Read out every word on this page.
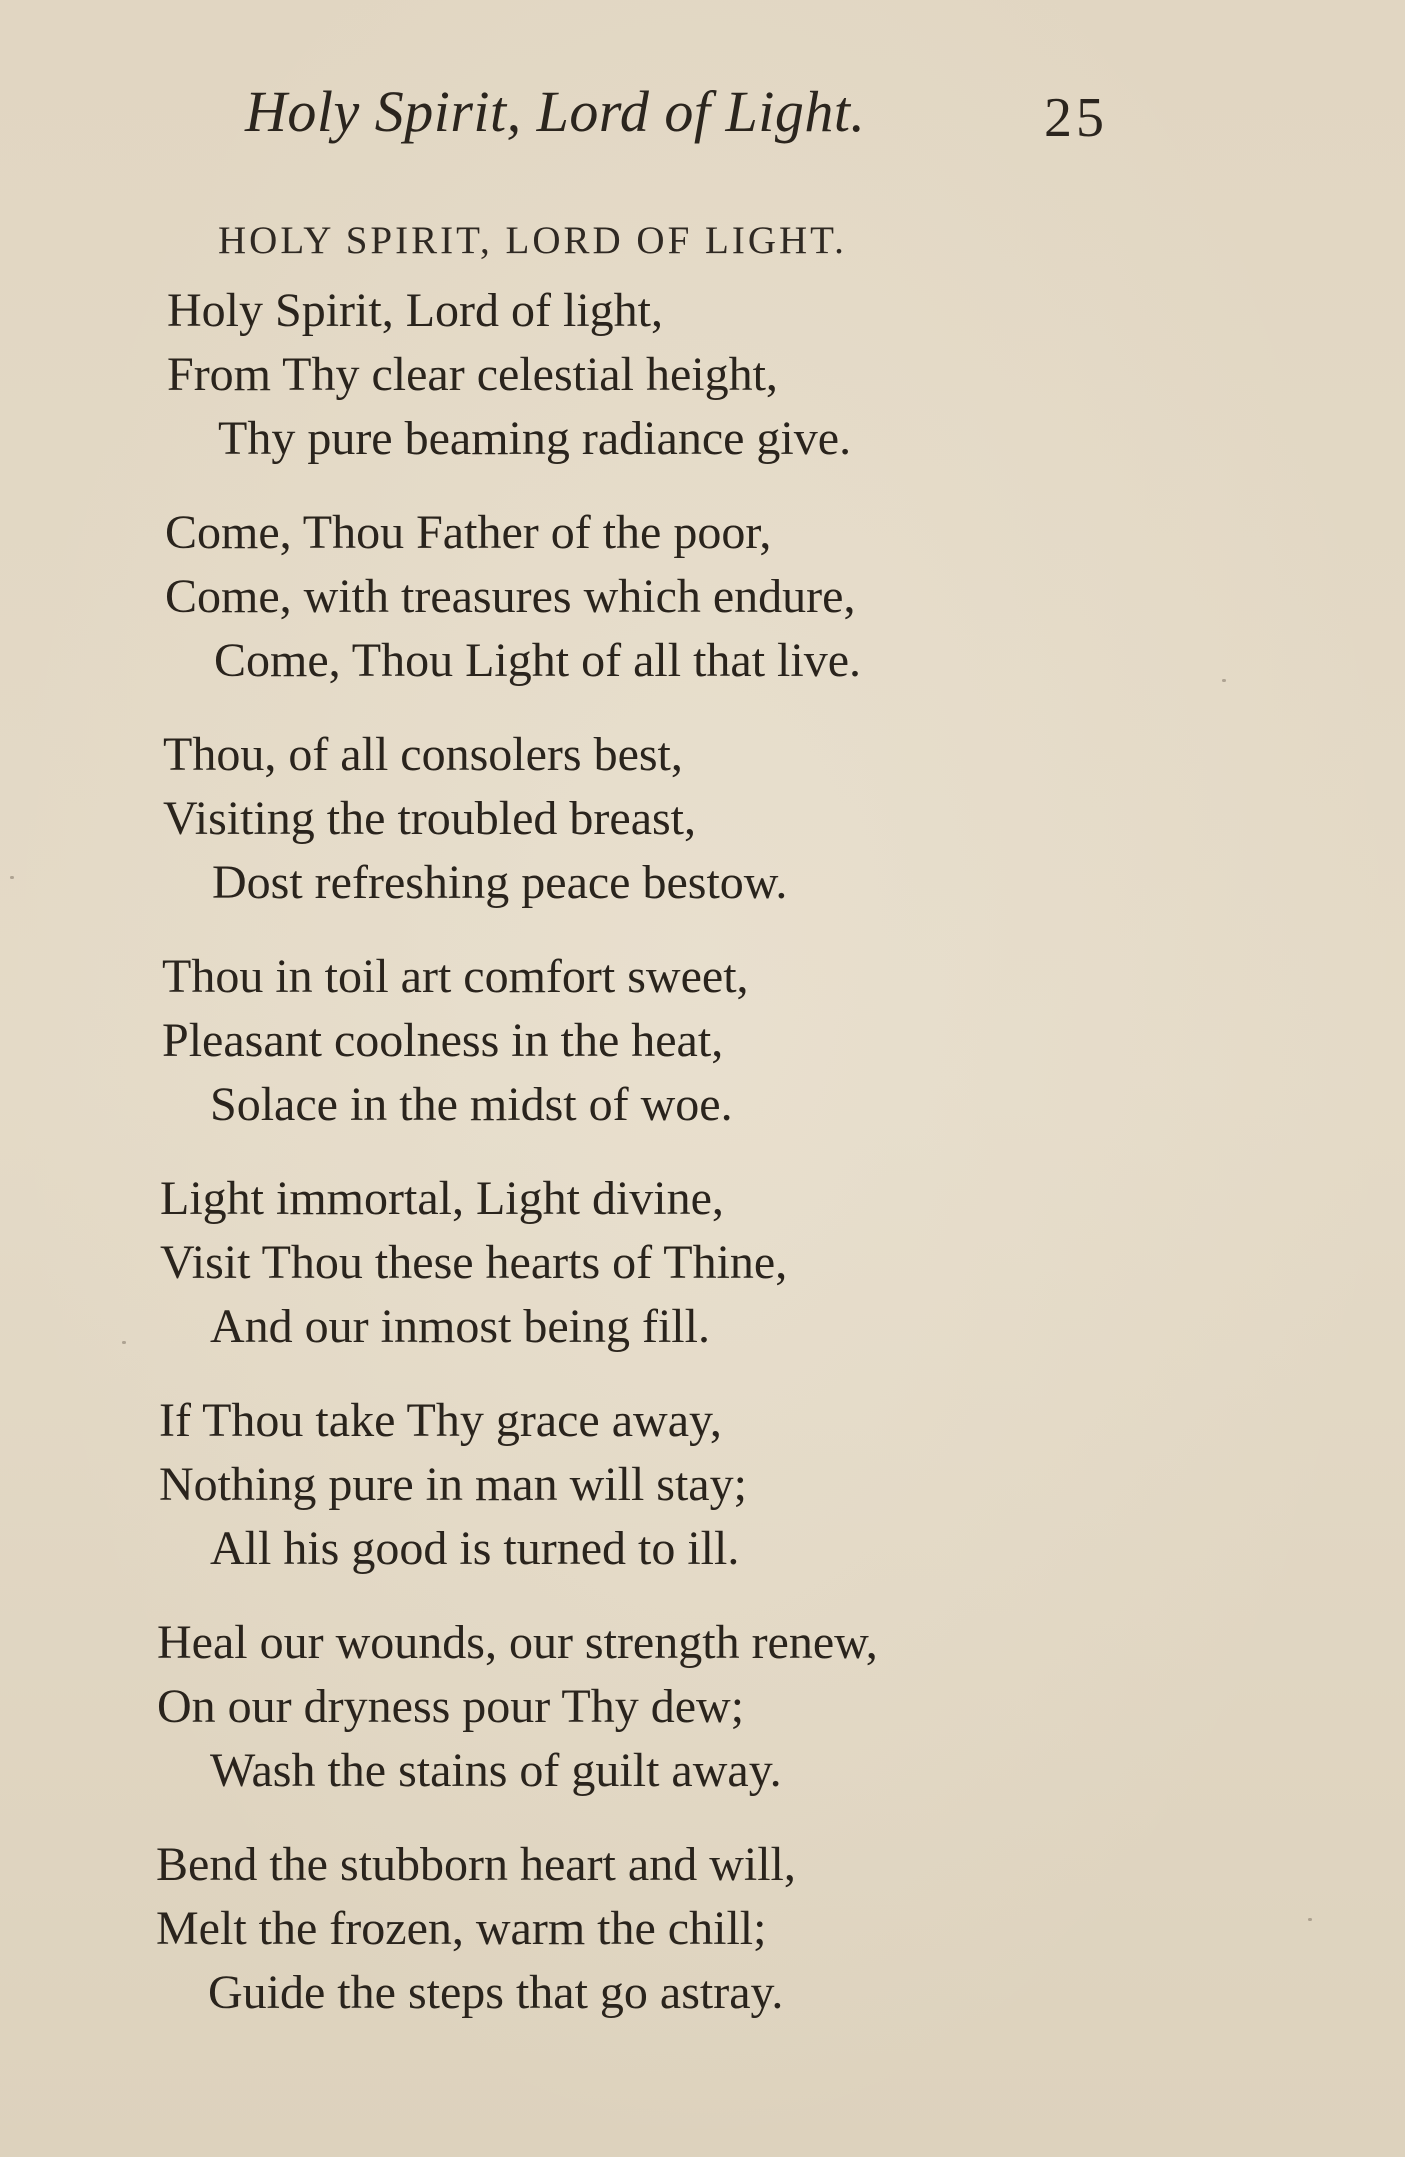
Holy Spirit, Lord of Light.	25
HOLY SPIRIT, LORD OF LIGHT.
Holy Spirit, Lord of light,
From Thy clear celestial height,
Thy pure beaming radiance give.
Come, Thou Father of the poor,
Come, with treasures which endure,
Come, Thou Light of all that live.
Thou, of all consolers best,
Visiting the troubled breast,
Dost refreshing peace bestow.
Thou in toil art comfort sweet,
Pleasant coolness in the heat,
Solace in the midst of woe.
Light immortal, Light divine,
Visit Thou these hearts of Thine,
And our inmost being fill.
If Thou take Thy grace away,
Nothing pure in man will stay;
All his good is turned to ill.
Heal our wounds, our strength renew,
On our dryness pour Thy dew;
Wash the stains of guilt away.
Bend the stubborn heart and will,
Melt the frozen, warm the chill;
Guide the steps that go astray.
